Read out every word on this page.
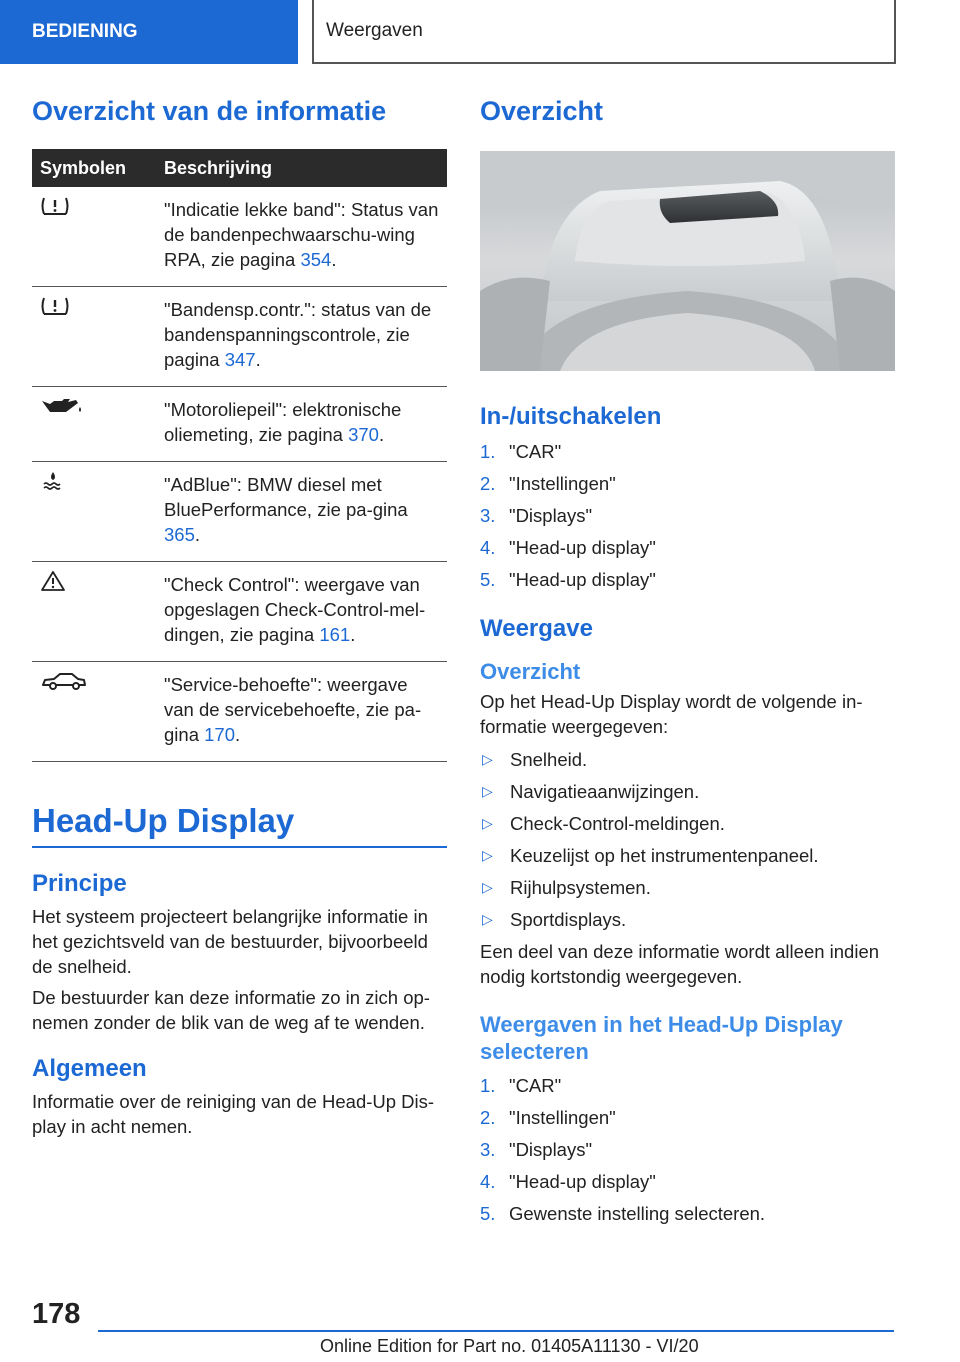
BEDIENING	Weergaven
Overzicht van de informatie
Symbolen	Beschrijving

	"Indicatie lekke band": Status van de bandenpechwaarschu-wing RPA, zie pagina 354.

	"Bandensp.contr.": status van de bandenspanningscontrole, zie pagina 347.

	"Motoroliepeil": elektronische oliemeting, zie pagina 370.

	"AdBlue": BMW diesel met BluePerformance, zie pa-gina 365.

	"Check Control": weergave van opgeslagen Check-Control-mel-dingen, zie pagina 161.

	"Service-behoefte": weergave van de servicebehoefte, zie pa-gina 170.
Head-Up Display
Principe

Het systeem projecteert belangrijke informatie in het gezichtsveld van de bestuurder, bijvoorbeeld de snelheid.

De bestuurder kan deze informatie zo in zich op-nemen zonder de blik van de weg af te wenden.

Algemeen

Informatie over de reiniging van de Head-Up Dis-play in acht nemen.

Overzicht
In-/uitschakelen
1. "CAR"
2. "Instellingen"
3. "Displays"
4. "Head-up display"
5. "Head-up display"
Weergave
Overzicht

Op het Head-Up Display wordt de volgende in-formatie weergegeven:

▷ Snelheid.
▷ Navigatieaanwijzingen.
▷ Check-Control-meldingen.
▷ Keuzelijst op het instrumentenpaneel.
▷ Rijhulpsystemen.
▷ Sportdisplays.

Een deel van deze informatie wordt alleen indien nodig kortstondig weergegeven.

Weergaven in het Head-Up Display selecteren
1. "CAR"
2. "Instellingen"
3. "Displays"
4. "Head-up display"
5. Gewenste instelling selecteren.
178
Online Edition for Part no. 01405A11130 - VI/20
